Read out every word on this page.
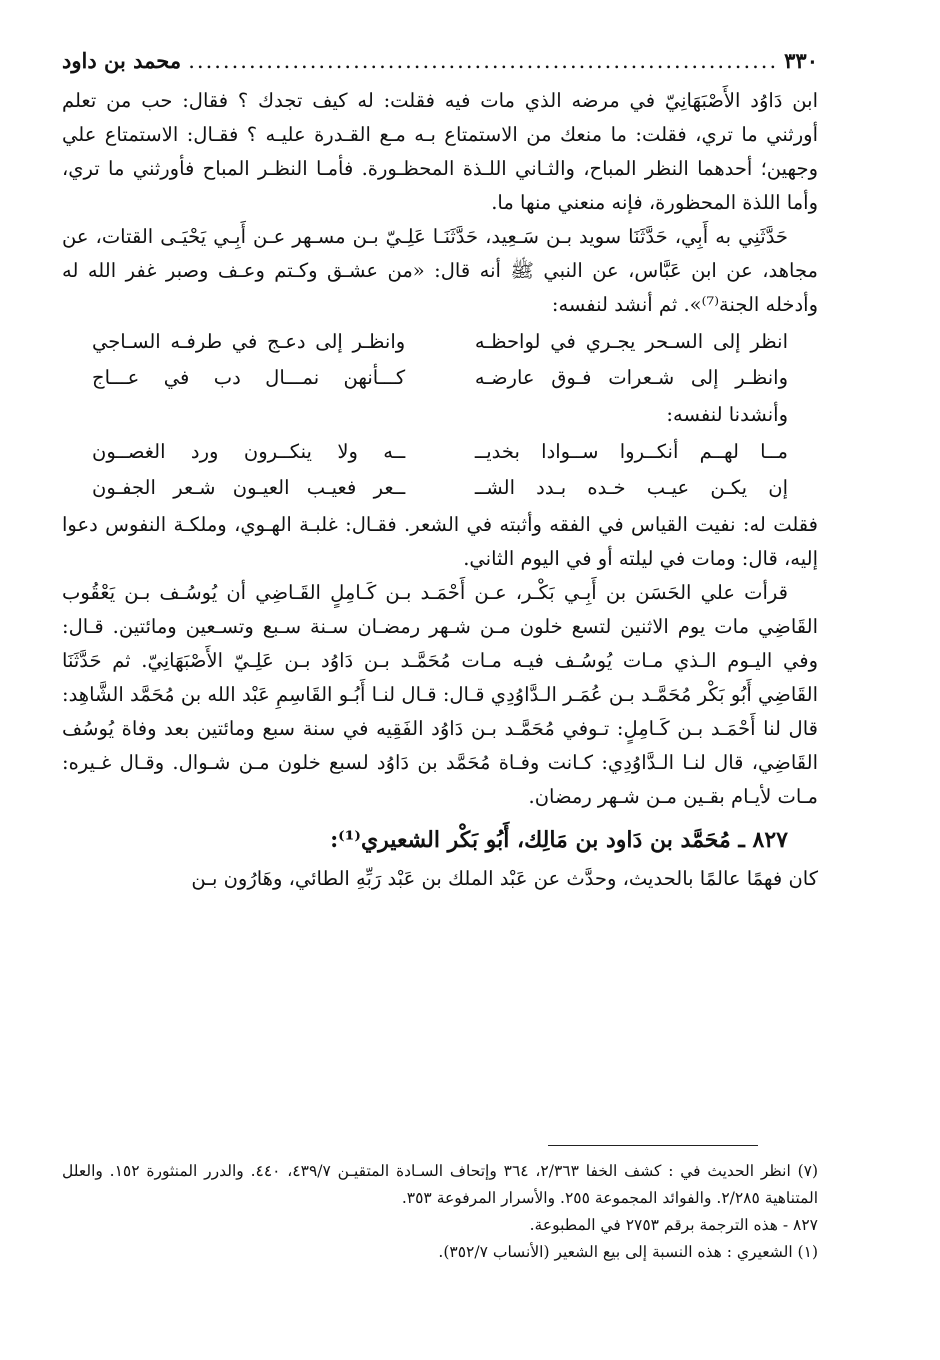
٣٣٠
.....
محمد بن داود

ابن دَاوُد الأَصْبَهَانِيّ في مرضه الذي مات فيه فقلت: له كيف تجدك ؟ فقال: حب من تعلم أورثني ما تري، فقلت: ما منعك من الاستمتاع بـه مـع القـدرة عليـه ؟ فقـال: الاستمتاع علي وجهين؛ أحدهما النظر المباح، والثـاني اللـذة المحظـورة. فأمـا النظـر المباح فأورثني ما تري، وأما اللذة المحظورة، فإنه منعني منها ما.

حَدَّثَنِي به أَبِي، حَدَّثَنَا سويد بـن سَـعِيد، حَدَّثَنَـا عَلِـيّ بـن مسـهر عـن أَبِـي يَحْيَـى القتات، عن مجاهد، عن ابن عَبَّاس، عن النبي ﷺ أنه قال: «من عشـق وكـتم وعـف وصبر غفر الله له وأدخله الجنة⁽⁷⁾». ثم أنشد لنفسه:

انظر إلى السـحر يجـري في لواحظـه
وانظـر إلى دعـج في طرفـه السـاجي
وانظـر إلى شـعرات فـوق عارضـه
كـــأنهن نمـــال دب في عـــاج

وأنشدنا لنفسه:

مــا لهــم أنكــروا ســوادا بخديــ
ــه ولا ينكــرون ورد الغصــون
إن يكـن عيـب خـده بـدد الشــ
ــعر فعيـب العيـون شـعر الجفـون

فقلت له: نفيت القياس في الفقه وأثبته في الشعر. فقـال: غلبـة الهـوي، وملكـة النفوس دعوا إليه، قال: ومات في ليلته أو في اليوم الثاني.

قرأت علي الحَسَن بن أَبِـي بَكْـر، عـن أَحْمَـد بـن كَـامِلٍ القَـاضِي أن يُوسُـف بـن يَعْقُوب القَاضِي مات يوم الاثنين لتسع خلون مـن شـهر رمضـان سـنة سـبع وتسـعين ومائتين. قـال: وفي اليـوم الـذي مـات يُوسُـف فيـه مـات مُحَمَّـد بـن دَاوُد بـن عَلِـيّ الأَصْبَهَانِيّ. ثم حَدَّثَنَا القَاضِي أَبُو بَكْر مُحَمَّـد بـن عُمَـر الـدَّاوُدِي قـال: قـال لنـا أَبُـو القَاسِمِ عَبْد الله بن مُحَمَّد الشَّاهِد: قال لنا أَحْمَـد بـن كَـامِلٍ: تـوفي مُحَمَّـد بـن دَاوُد الفَقِيه في سنة سبع ومائتين بعد وفاة يُوسُف القَاضِي، قال لنـا الـدَّاوُدِي: كـانت وفـاة مُحَمَّد بن دَاوُد لسبع خلون مـن شـوال. وقـال غـيره: مـات لأيـام بقـين مـن شـهر رمضان.

٨٢٧ ـ مُحَمَّد بن دَاود بن مَالِك، أَبُو بَكْر الشعيري⁽¹⁾:

كان فهمًا عالمًا بالحديث، وحدَّث عن عَبْد الملك بن عَبْد رَبِّهِ الطائي، وهَارُون بـن

(٧) انظر الحديث في : كشف الخفا ٢/٣٦٣، ٣٦٤ وإتحاف السـادة المتقيـن ٤٣٩/٧، ٤٤٠. والدرر المنثورة ١٥٢. والعلل المتناهية ٢/٢٨٥. والفوائد المجموعة ٢٥٥. والأسرار المرفوعة ٣٥٣.

٨٢٧ - هذه الترجمة برقم ٢٧٥٣ في المطبوعة.

(١) الشعيري : هذه النسبة إلى بيع الشعير (الأنساب ٣٥٢/٧).
